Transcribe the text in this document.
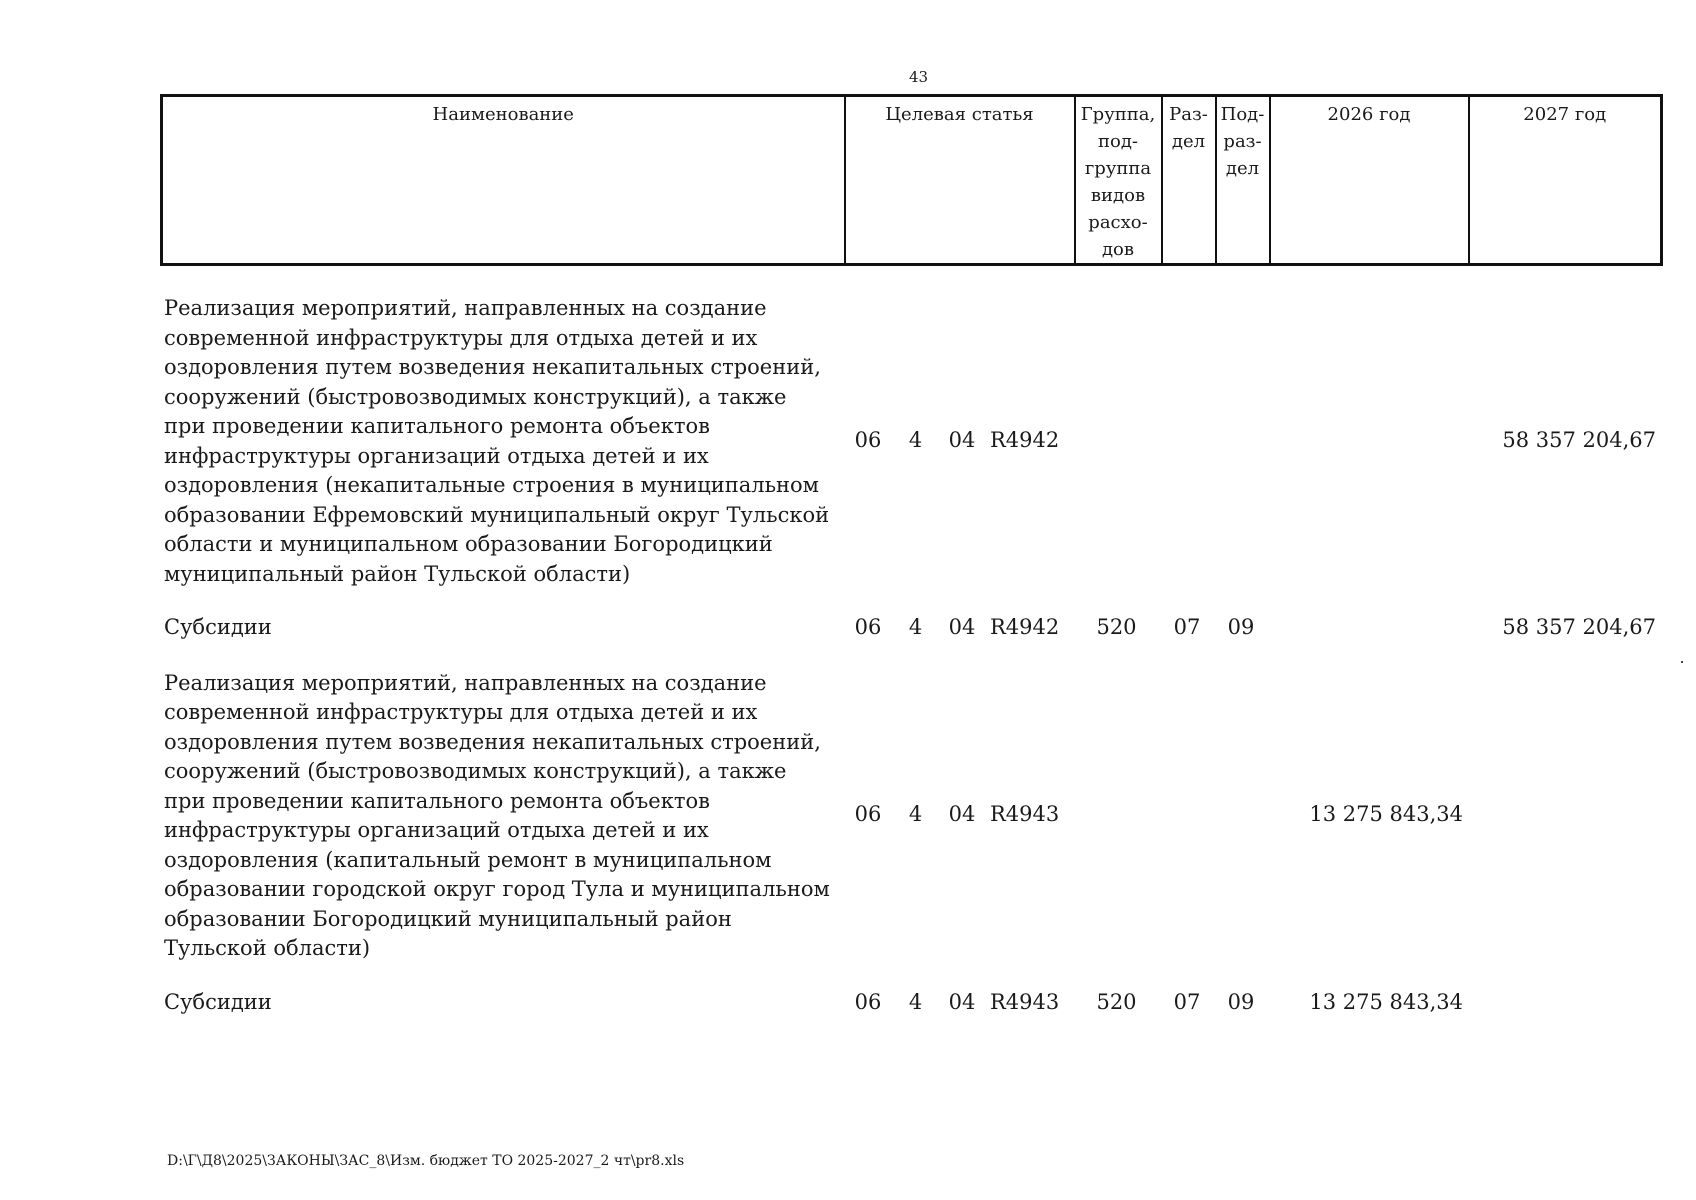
43
Наименование	Целевая статья	Группа,
под-
группа
видов
расхо-
дов	Раз-
дел	Под-
раз-
дел	2026 год	2027 год
Реализация мероприятий, направленных на создание современной инфраструктуры для отдыха детей и их оздоровления путем возведения некапитальных строений, сооружений (быстровозводимых конструкций), а также при проведении капитального ремонта объектов инфраструктуры организаций отдыха детей и их оздоровления (некапитальные строения в муниципальном образовании Ефремовский муниципальный округ Тульской области и муниципальном образовании Богородицкий муниципальный район Тульской области)	06 4 04 R4942					58 357 204,67
Субсидии	06 4 04 R4942	520	07	09		58 357 204,67
Реализация мероприятий, направленных на создание современной инфраструктуры для отдыха детей и их оздоровления путем возведения некапитальных строений, сооружений (быстровозводимых конструкций), а также при проведении капитального ремонта объектов инфраструктуры организаций отдыха детей и их оздоровления (капитальный ремонт в муниципальном образовании городской округ город Тула и муниципальном образовании Богородицкий муниципальный район Тульской области)	06 4 04 R4943				13 275 843,34	
Субсидии	06 4 04 R4943	520	07	09	13 275 843,34	
D:\Г\Д8\2025\ЗАКОНЫ\ЗАС_8\Изм. бюджет ТО 2025-2027_2 чт\pr8.xls
